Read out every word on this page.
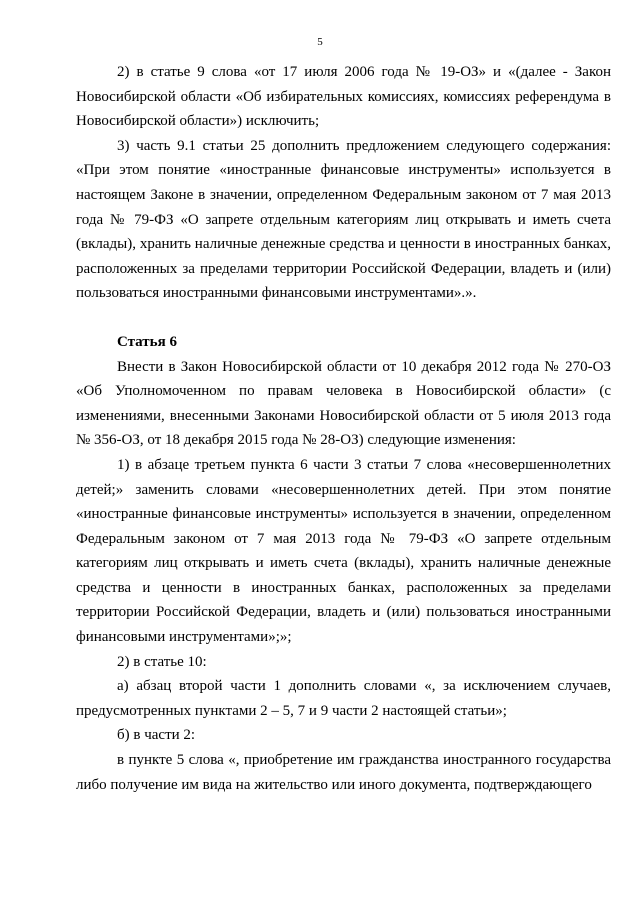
5

2) в статье 9 слова «от 17 июля 2006 года № 19-ОЗ» и «(далее - Закон Новосибирской области «Об избирательных комиссиях, комиссиях референдума в Новосибирской области») исключить;

3) часть 9.1 статьи 25 дополнить предложением следующего содержания: «При этом понятие «иностранные финансовые инструменты» используется в настоящем Законе в значении, определенном Федеральным законом от 7 мая 2013 года № 79-ФЗ «О запрете отдельным категориям лиц открывать и иметь счета (вклады), хранить наличные денежные средства и ценности в иностранных банках, расположенных за пределами территории Российской Федерации, владеть и (или) пользоваться иностранными финансовыми инструментами».».

Статья 6

Внести в Закон Новосибирской области от 10 декабря 2012 года № 270-ОЗ «Об Уполномоченном по правам человека в Новосибирской области» (с изменениями, внесенными Законами Новосибирской области от 5 июля 2013 года № 356-ОЗ, от 18 декабря 2015 года № 28-ОЗ) следующие изменения:

1) в абзаце третьем пункта 6 части 3 статьи 7 слова «несовершеннолетних детей;» заменить словами «несовершеннолетних детей. При этом понятие «иностранные финансовые инструменты» используется в значении, определенном Федеральным законом от 7 мая 2013 года № 79-ФЗ «О запрете отдельным категориям лиц открывать и иметь счета (вклады), хранить наличные денежные средства и ценности в иностранных банках, расположенных за пределами территории Российской Федерации, владеть и (или) пользоваться иностранными финансовыми инструментами»;»;

2) в статье 10:

а) абзац второй части 1 дополнить словами «, за исключением случаев, предусмотренных пунктами 2 – 5, 7 и 9 части 2 настоящей статьи»;

б) в части 2:

в пункте 5 слова «, приобретение им гражданства иностранного государства либо получение им вида на жительство или иного документа, подтверждающего
